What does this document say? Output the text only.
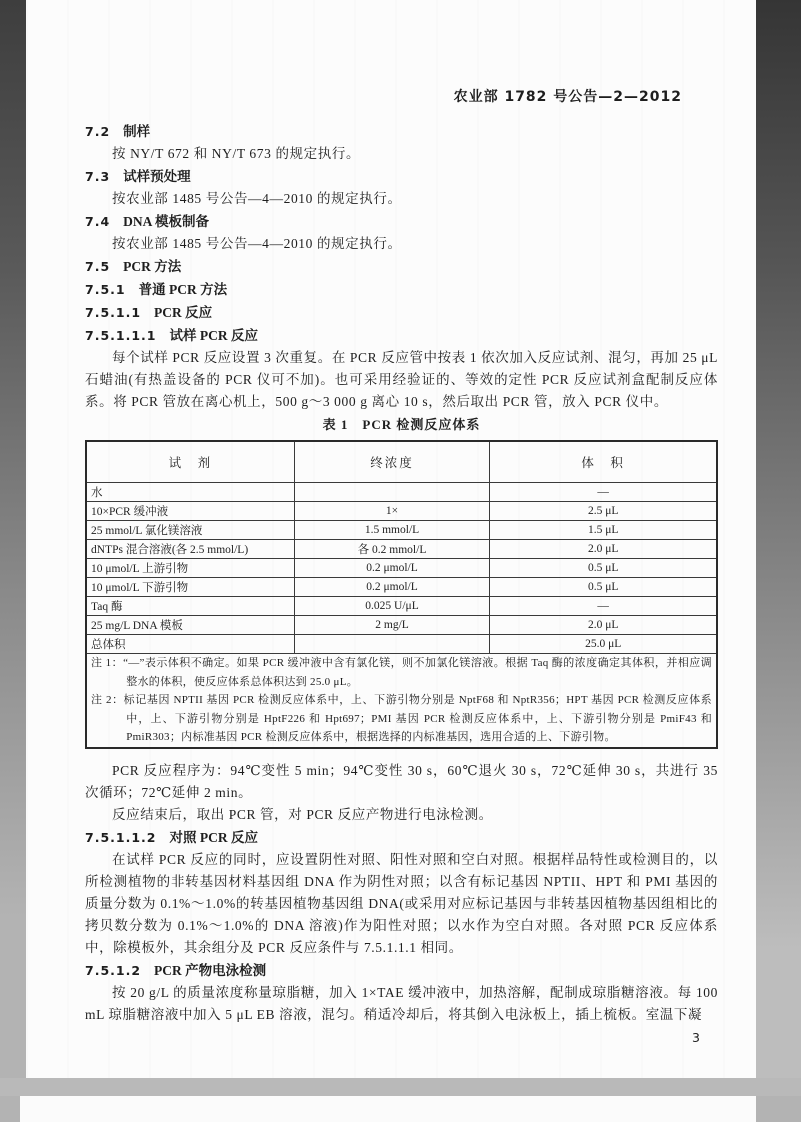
农业部 1782 号公告—2—2012
7.2 制样
按 NY/T 672 和 NY/T 673 的规定执行。
7.3 试样预处理
按农业部 1485 号公告—4—2010 的规定执行。
7.4 DNA 模板制备
按农业部 1485 号公告—4—2010 的规定执行。
7.5 PCR 方法
7.5.1 普通 PCR 方法
7.5.1.1 PCR 反应
7.5.1.1.1 试样 PCR 反应
每个试样 PCR 反应设置 3 次重复。在 PCR 反应管中按表 1 依次加入反应试剂、混匀，再加 25 μL 石蜡油(有热盖设备的 PCR 仪可不加)。也可采用经验证的、等效的定性 PCR 反应试剂盒配制反应体系。将 PCR 管放在离心机上，500 g～3 000 g 离心 10 s，然后取出 PCR 管，放入 PCR 仪中。
表 1　PCR 检测反应体系
试　剂	终浓度	体　积
水		—
10×PCR 缓冲液	1×	2.5 μL
25 mmol/L 氯化镁溶液	1.5 mmol/L	1.5 μL
dNTPs 混合溶液(各 2.5 mmol/L)	各 0.2 mmol/L	2.0 μL
10 μmol/L 上游引物	0.2 μmol/L	0.5 μL
10 μmol/L 下游引物	0.2 μmol/L	0.5 μL
Taq 酶	0.025 U/μL	—
25 mg/L DNA 模板	2 mg/L	2.0 μL
总体积		25.0 μL

注 1：“—”表示体积不确定。如果 PCR 缓冲液中含有氯化镁，则不加氯化镁溶液。根据 Taq 酶的浓度确定其体积，并相应调整水的体积，使反应体系总体积达到 25.0 μL。
注 2：标记基因 NPTII 基因 PCR 检测反应体系中，上、下游引物分别是 NptF68 和 NptR356；HPT 基因 PCR 检测反应体系中，上、下游引物分别是 HptF226 和 Hpt697；PMI 基因 PCR 检测反应体系中，上、下游引物分别是 PmiF43 和 PmiR303；内标准基因 PCR 检测反应体系中，根据选择的内标准基因，选用合适的上、下游引物。		
PCR 反应程序为：94℃变性 5 min；94℃变性 30 s，60℃退火 30 s，72℃延伸 30 s，共进行 35 次循环；72℃延伸 2 min。
反应结束后，取出 PCR 管，对 PCR 反应产物进行电泳检测。
7.5.1.1.2 对照 PCR 反应
在试样 PCR 反应的同时，应设置阴性对照、阳性对照和空白对照。根据样品特性或检测目的，以所检测植物的非转基因材料基因组 DNA 作为阴性对照；以含有标记基因 NPTII、HPT 和 PMI 基因的质量分数为 0.1%～1.0%的转基因植物基因组 DNA(或采用对应标记基因与非转基因植物基因组相比的拷贝数分数为 0.1%～1.0%的 DNA 溶液)作为阳性对照；以水作为空白对照。各对照 PCR 反应体系中，除模板外，其余组分及 PCR 反应条件与 7.5.1.1.1 相同。
7.5.1.2 PCR 产物电泳检测
按 20 g/L 的质量浓度称量琼脂糖，加入 1×TAE 缓冲液中，加热溶解，配制成琼脂糖溶液。每 100 mL 琼脂糖溶液中加入 5 μL EB 溶液，混匀。稍适冷却后，将其倒入电泳板上，插上梳板。室温下凝
3
